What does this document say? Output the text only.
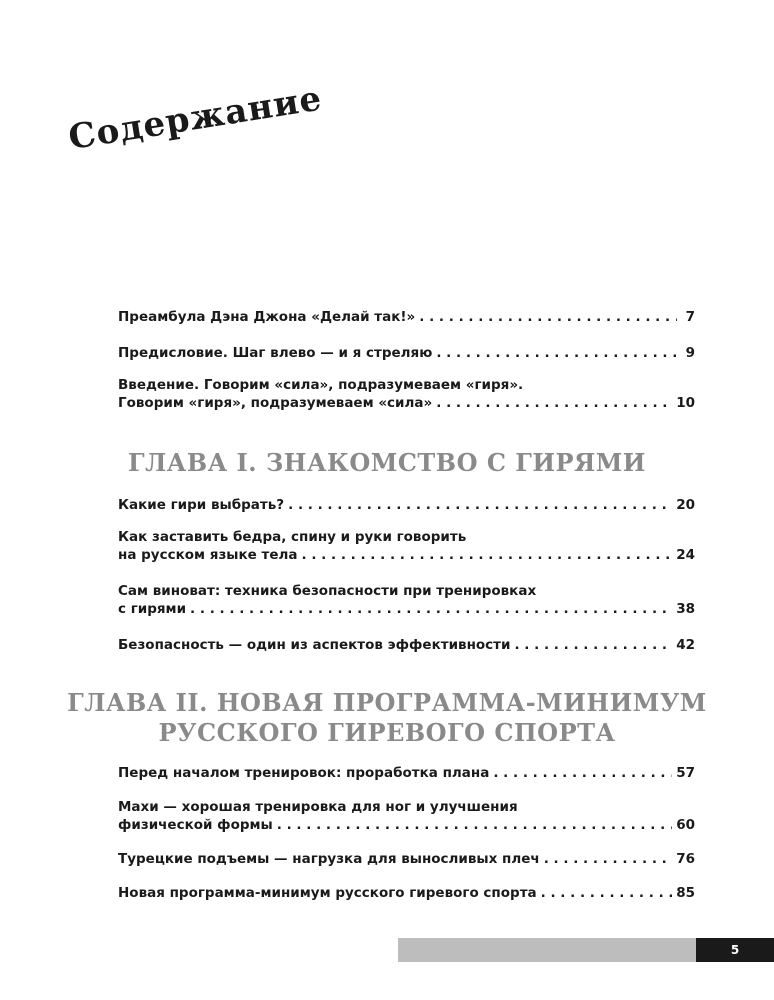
Содержание
Преамбула Дэна Джона «Делай так!» . . .	7
Предисловие. Шаг влево — и я стреляю . . .	9
Введение. Говорим «сила», подразумеваем «гиря».
Говорим «гиря», подразумеваем «сила» . . .	10
ГЛАВА I. ЗНАКОМСТВО С ГИРЯМИ
Какие гири выбрать? . . .	20
Как заставить бедра, спину и руки говорить
на русском языке тела . . .	24
Сам виноват: техника безопасности при тренировках
с гирями . . .	38
Безопасность — один из аспектов эффективности . . .	42
ГЛАВА II. НОВАЯ ПРОГРАММА-МИНИМУМ
РУССКОГО ГИРЕВОГО СПОРТА
Перед началом тренировок: проработка плана . . .	57
Махи — хорошая тренировка для ног и улучшения
физической формы . . .	60
Турецкие подъемы — нагрузка для выносливых плеч . . .	76
Новая программа-минимум русского гиревого спорта . . .	85
5
